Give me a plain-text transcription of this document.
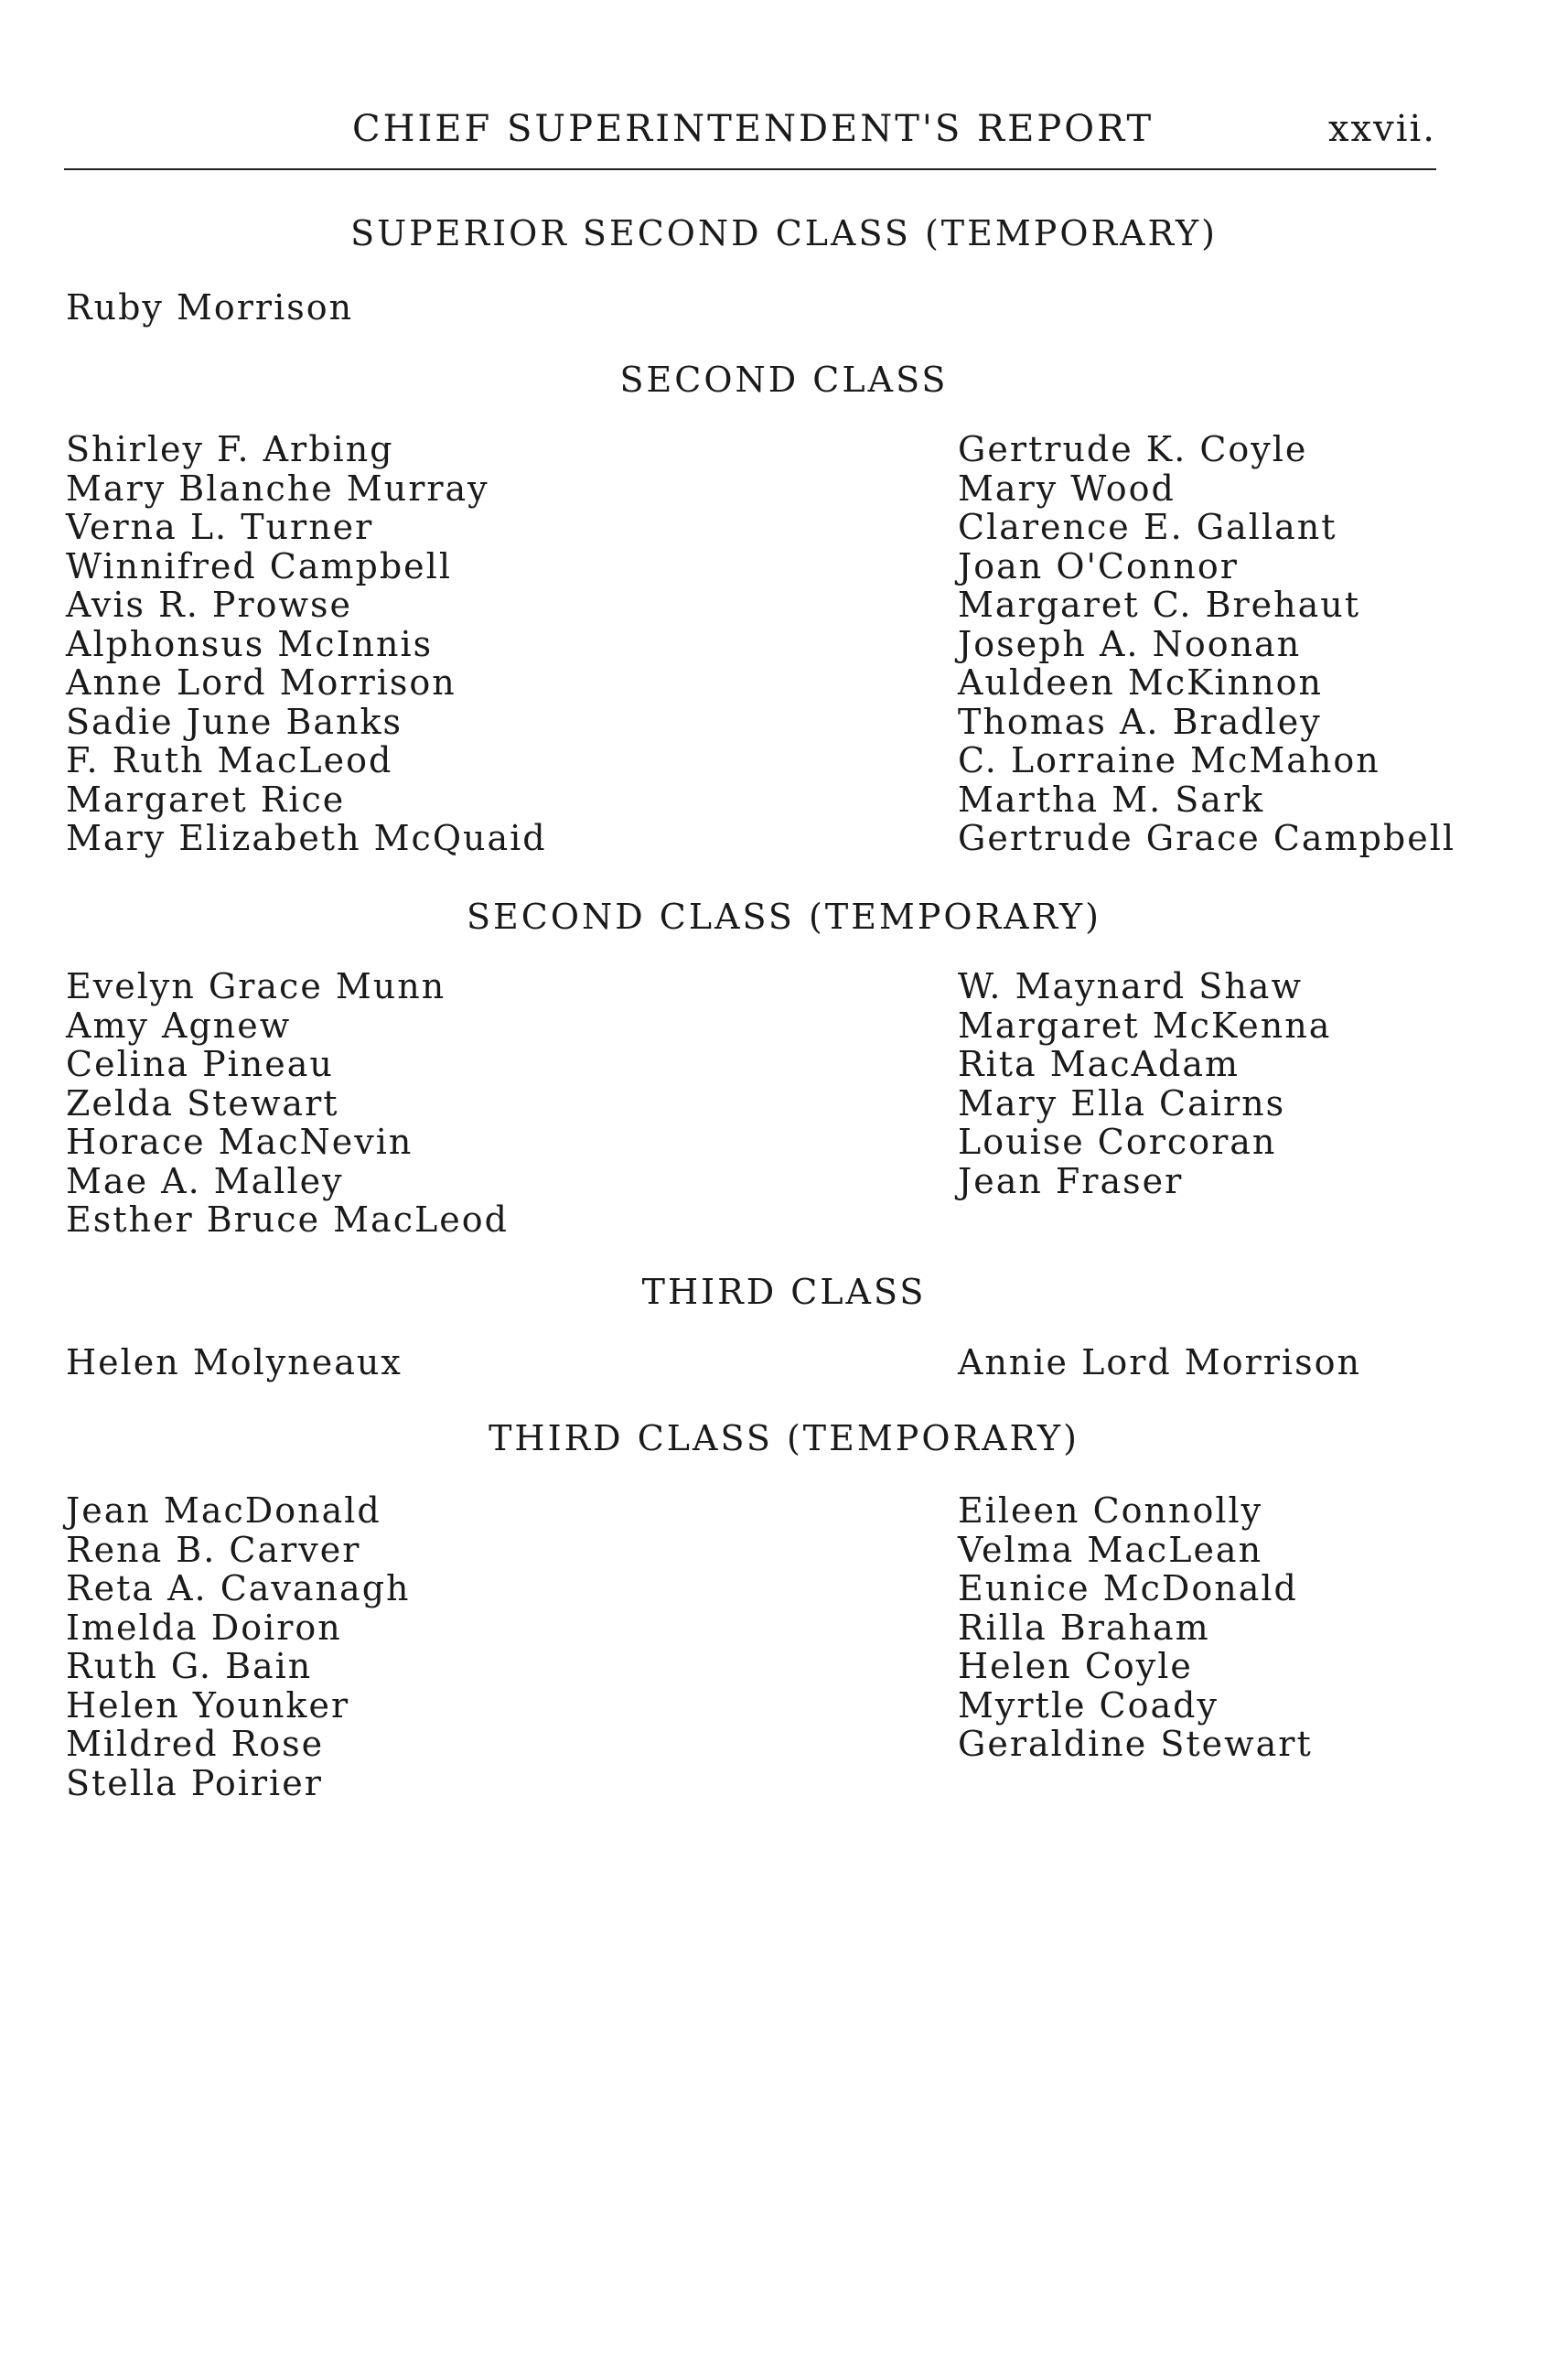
CHIEF SUPERINTENDENT'S REPORT	xxvii.
SUPERIOR SECOND CLASS (TEMPORARY)
Ruby Morrison
SECOND CLASS
Shirley F. Arbing
Mary Blanche Murray
Verna L. Turner
Winnifred Campbell
Avis R. Prowse
Alphonsus McInnis
Anne Lord Morrison
Sadie June Banks
F. Ruth MacLeod
Margaret Rice
Mary Elizabeth McQuaid
Gertrude K. Coyle
Mary Wood
Clarence E. Gallant
Joan O'Connor
Margaret C. Brehaut
Joseph A. Noonan
Auldeen McKinnon
Thomas A. Bradley
C. Lorraine McMahon
Martha M. Sark
Gertrude Grace Campbell
SECOND CLASS (TEMPORARY)
Evelyn Grace Munn
Amy Agnew
Celina Pineau
Zelda Stewart
Horace MacNevin
Mae A. Malley
Esther Bruce MacLeod
W. Maynard Shaw
Margaret McKenna
Rita MacAdam
Mary Ella Cairns
Louise Corcoran
Jean Fraser
THIRD CLASS
Helen Molyneaux	Annie Lord Morrison
THIRD CLASS (TEMPORARY)
Jean MacDonald
Rena B. Carver
Reta A. Cavanagh
Imelda Doiron
Ruth G. Bain
Helen Younker
Mildred Rose
Stella Poirier
Eileen Connolly
Velma MacLean
Eunice McDonald
Rilla Braham
Helen Coyle
Myrtle Coady
Geraldine Stewart
